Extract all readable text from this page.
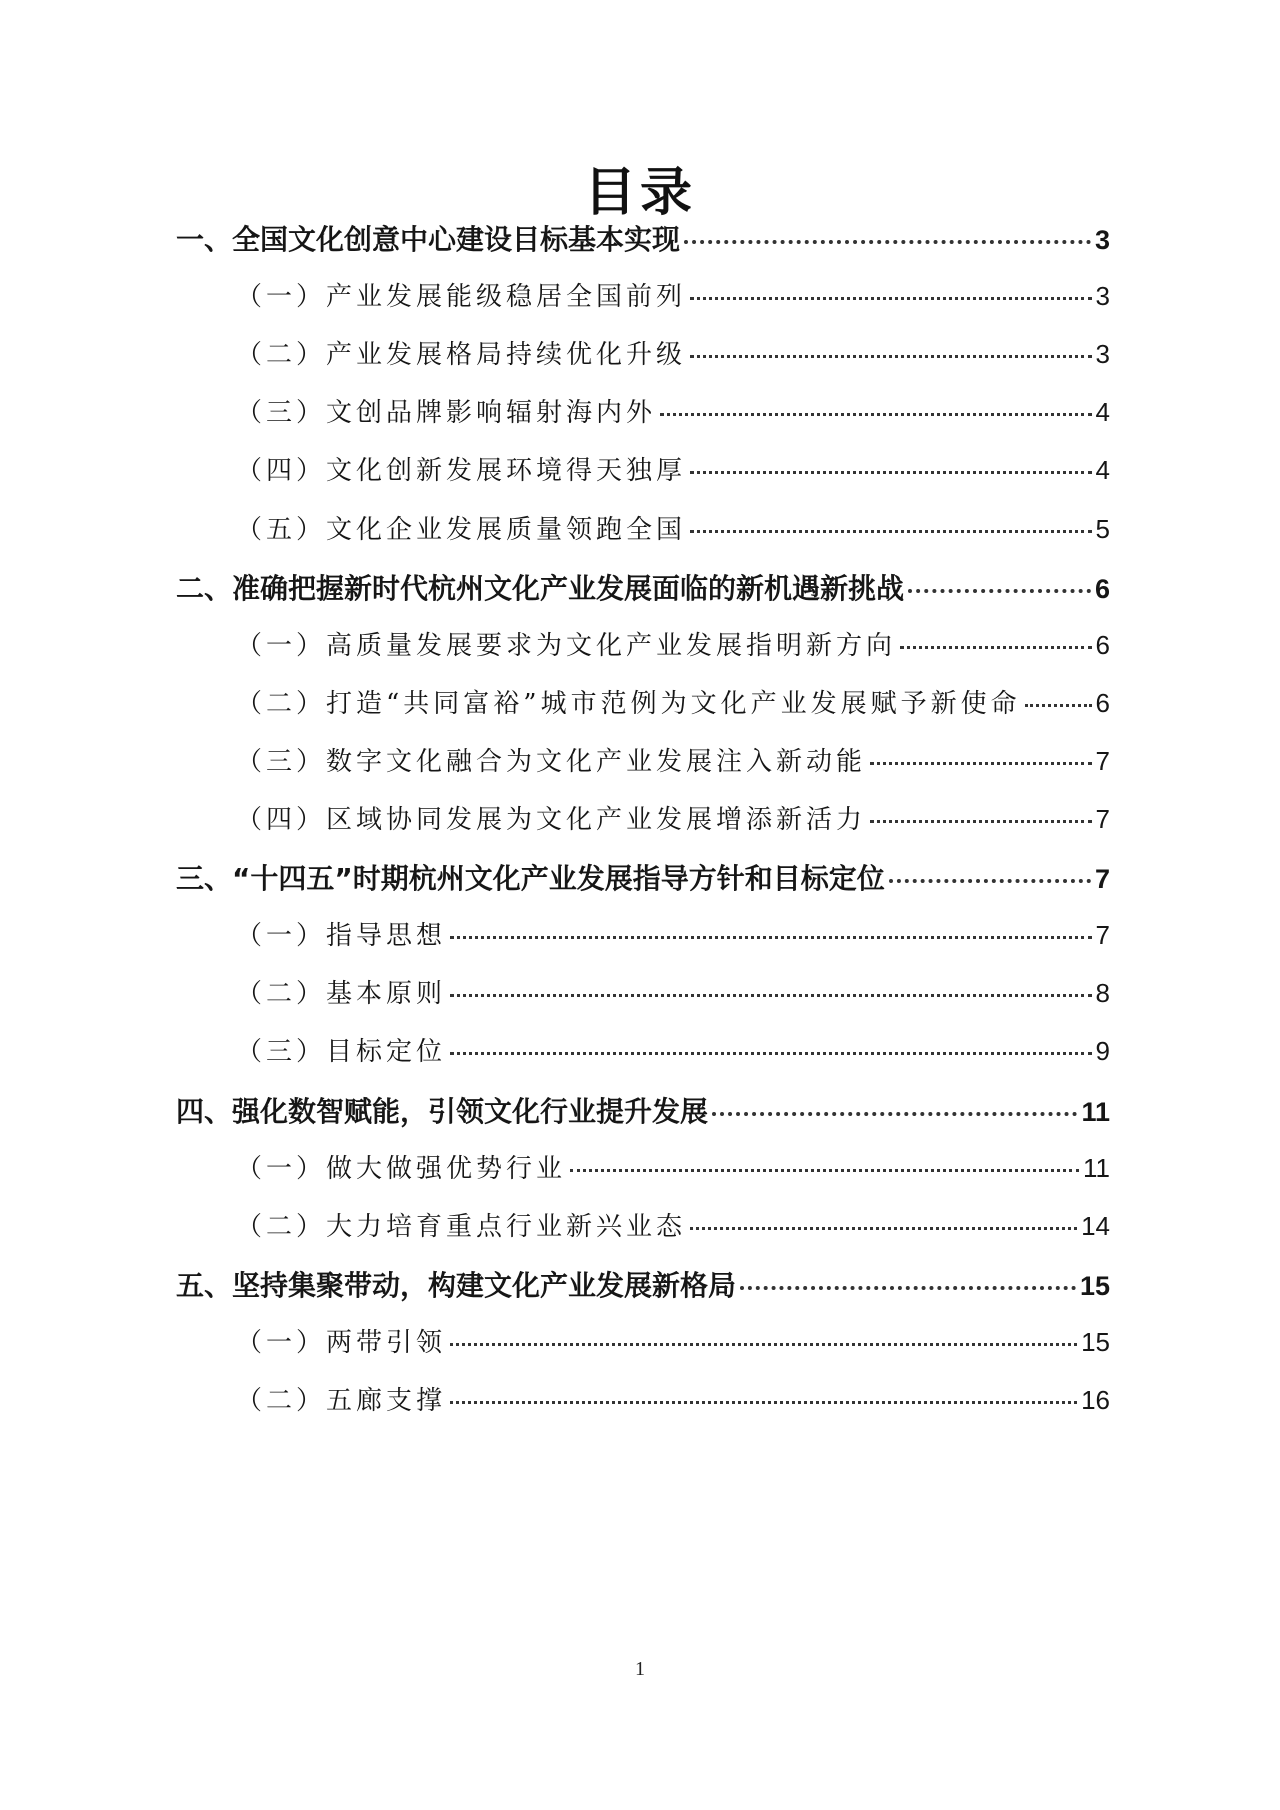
目录
一、全国文化创意中心建设目标基本实现	3
（一）产业发展能级稳居全国前列	3
（二）产业发展格局持续优化升级	3
（三）文创品牌影响辐射海内外	4
（四）文化创新发展环境得天独厚	4
（五）文化企业发展质量领跑全国	5
二、准确把握新时代杭州文化产业发展面临的新机遇新挑战	6
（一）高质量发展要求为文化产业发展指明新方向	6
（二）打造“共同富裕”城市范例为文化产业发展赋予新使命	6
（三）数字文化融合为文化产业发展注入新动能	7
（四）区域协同发展为文化产业发展增添新活力	7
三、“十四五”时期杭州文化产业发展指导方针和目标定位	7
（一）指导思想	7
（二）基本原则	8
（三）目标定位	9
四、强化数智赋能，引领文化行业提升发展	11
（一）做大做强优势行业	11
（二）大力培育重点行业新兴业态	14
五、坚持集聚带动，构建文化产业发展新格局	15
（一）两带引领	15
（二）五廊支撑	16
1
